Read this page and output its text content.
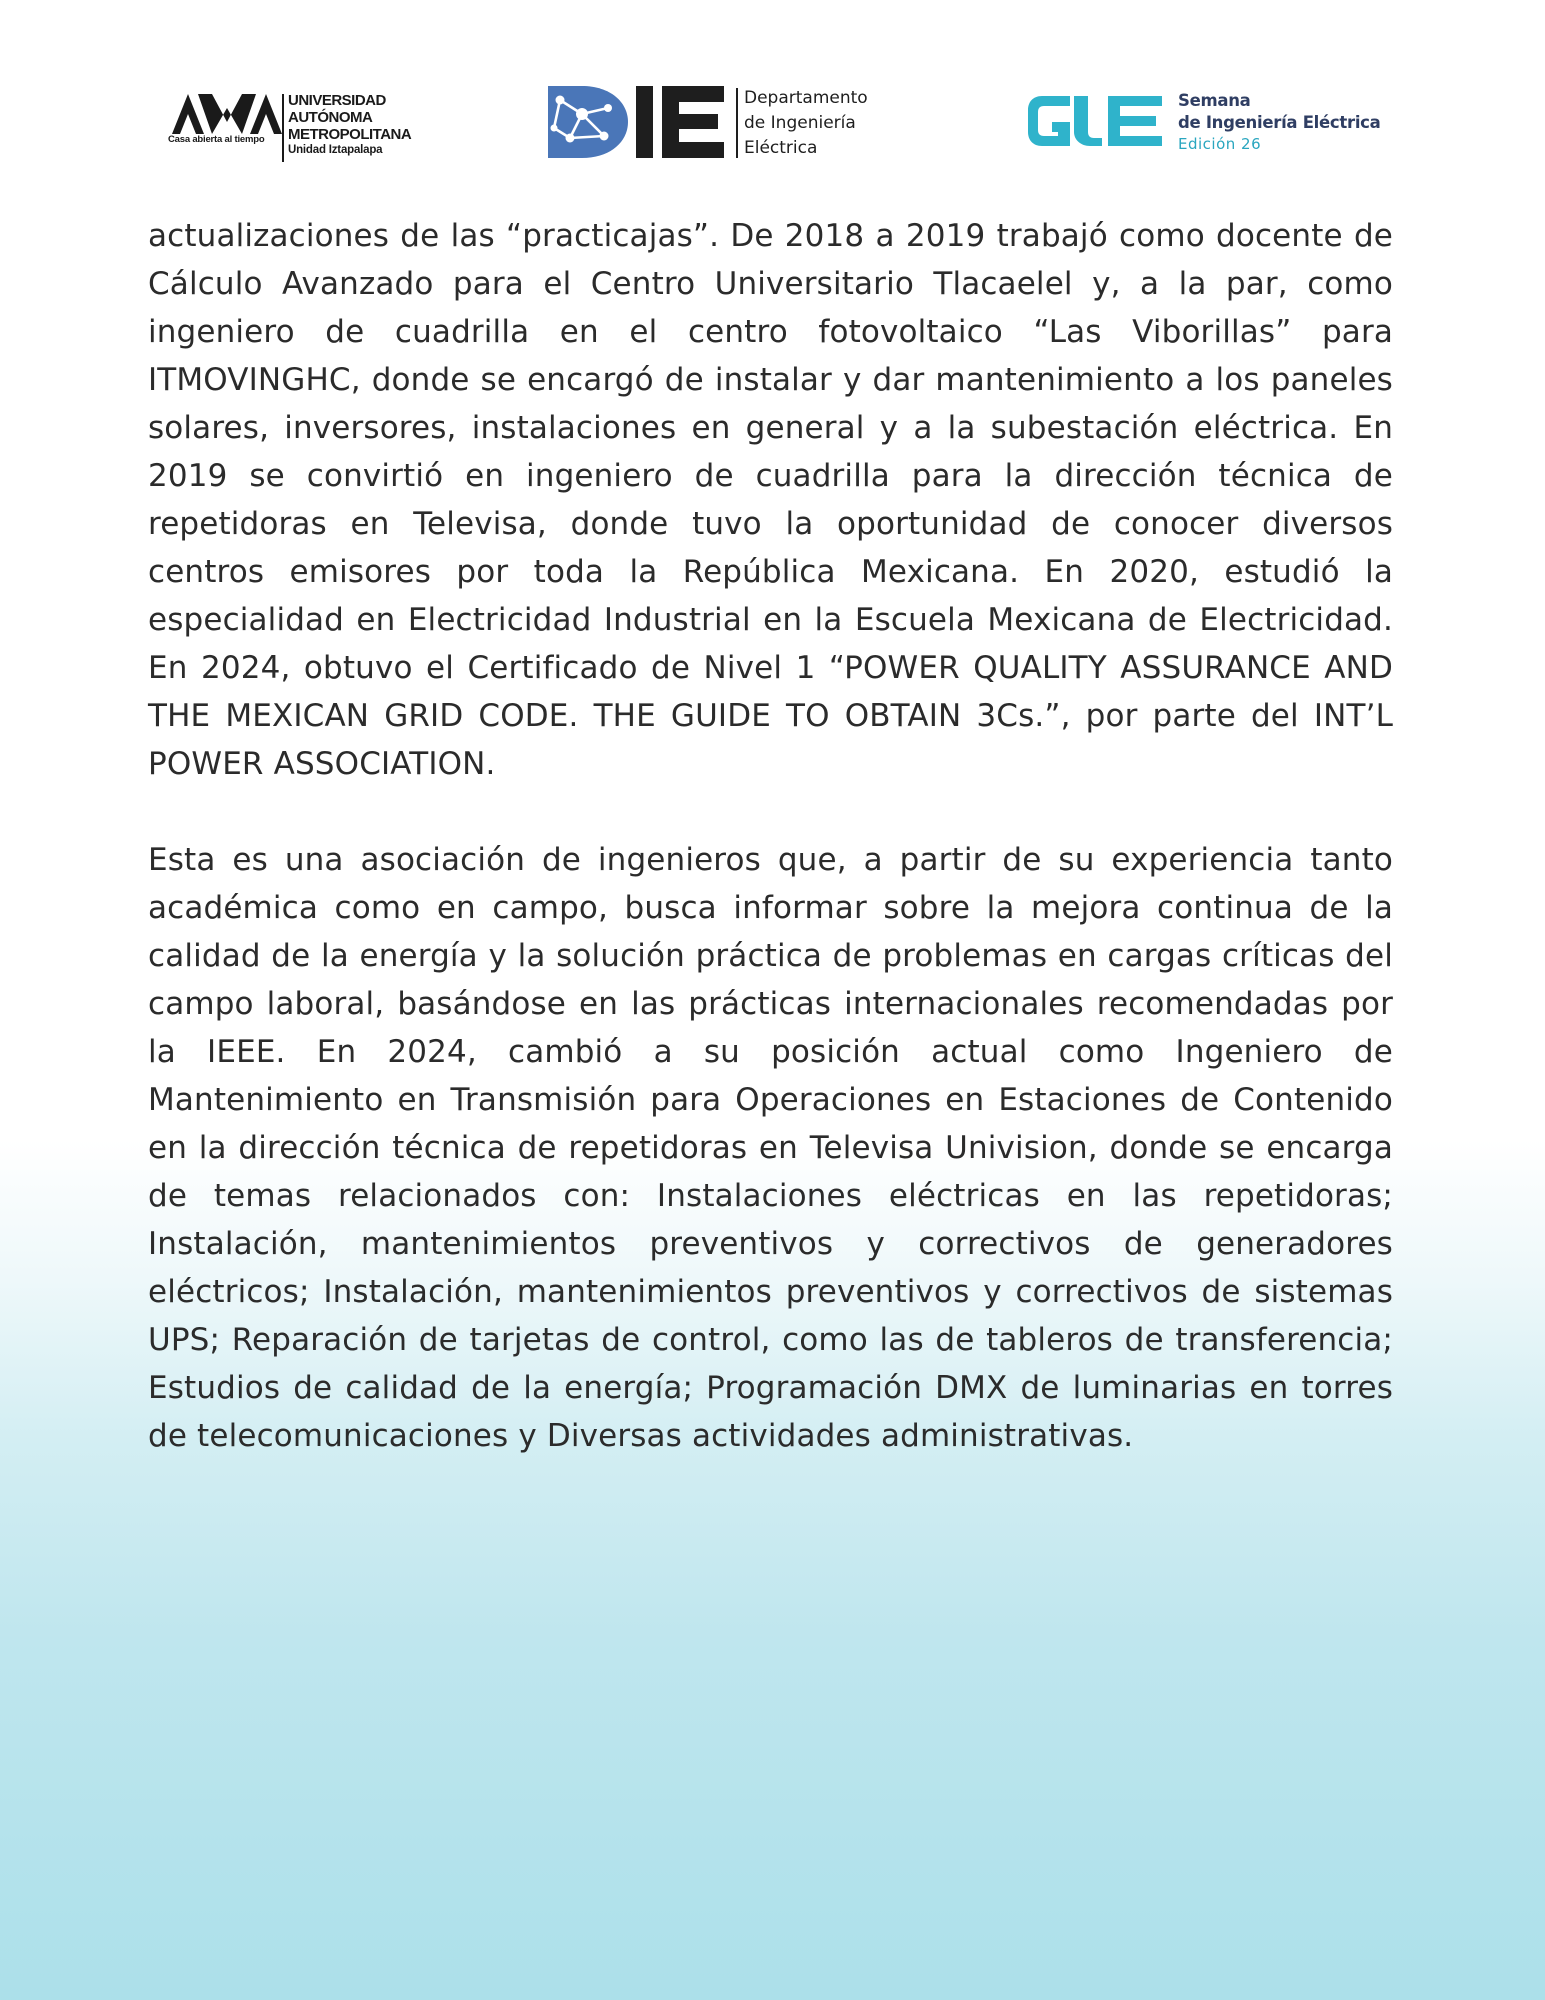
Casa abierta al tiempo
UNIVERSIDAD
AUTÓNOMA
METROPOLITANA
Unidad Iztapalapa
Departamento
de Ingeniería
Eléctrica
Semana
de Ingeniería Eléctrica
Edición 26

actualizaciones de las “practicajas”. De 2018 a 2019 trabajó como docente de Cálculo Avanzado para el Centro Universitario Tlacaelel y, a la par, como ingeniero de cuadrilla en el centro fotovoltaico “Las Viborillas” para ITMOVINGHC, donde se encargó de instalar y dar mantenimiento a los paneles solares, inversores, instalaciones en general y a la subestación eléctrica. En 2019 se convirtió en ingeniero de cuadrilla para la dirección técnica de repetidoras en Televisa, donde tuvo la oportunidad de conocer diversos centros emisores por toda la República Mexicana. En 2020, estudió la especialidad en Electricidad Industrial en la Escuela Mexicana de Electricidad. En 2024, obtuvo el Certificado de Nivel 1 “POWER QUALITY ASSURANCE AND THE MEXICAN GRID CODE. THE GUIDE TO OBTAIN 3Cs.”, por parte del INT’L POWER ASSOCIATION.

Esta es una asociación de ingenieros que, a partir de su experiencia tanto académica como en campo, busca informar sobre la mejora continua de la calidad de la energía y la solución práctica de problemas en cargas críticas del campo laboral, basándose en las prácticas internacionales recomendadas por la IEEE. En 2024, cambió a su posición actual como Ingeniero de Mantenimiento en Transmisión para Operaciones en Estaciones de Contenido en la dirección técnica de repetidoras en Televisa Univision, donde se encarga de temas relacionados con: Instalaciones eléctricas en las repetidoras; Instalación, mantenimientos preventivos y correctivos de generadores eléctricos; Instalación, mantenimientos preventivos y correctivos de sistemas UPS; Reparación de tarjetas de control, como las de tableros de transferencia; Estudios de calidad de la energía; Programación DMX de luminarias en torres de telecomunicaciones y Diversas actividades administrativas.
